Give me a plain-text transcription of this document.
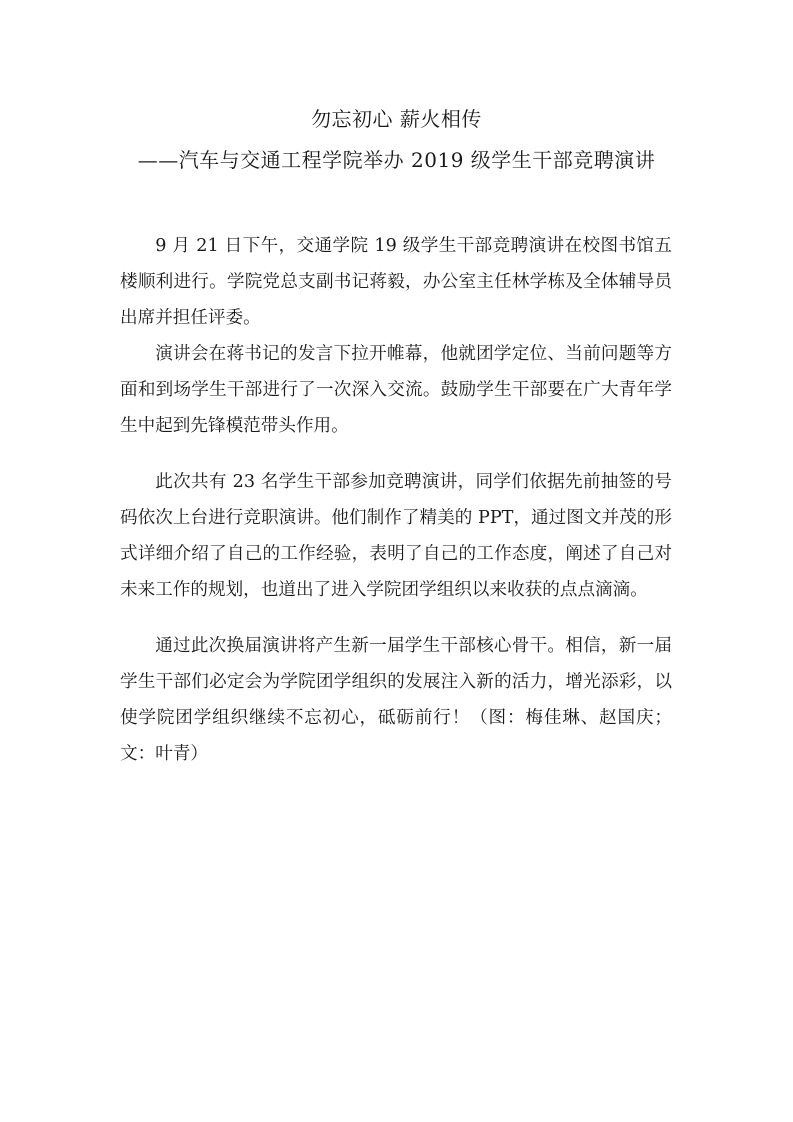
勿忘初心 薪火相传
——汽车与交通工程学院举办 2019 级学生干部竞聘演讲

9 月 21 日下午，交通学院 19 级学生干部竞聘演讲在校图书馆五楼顺利进行。学院党总支副书记蒋毅，办公室主任林学栋及全体辅导员出席并担任评委。

演讲会在蒋书记的发言下拉开帷幕，他就团学定位、当前问题等方面和到场学生干部进行了一次深入交流。鼓励学生干部要在广大青年学生中起到先锋模范带头作用。

此次共有 23 名学生干部参加竞聘演讲，同学们依据先前抽签的号码依次上台进行竞职演讲。他们制作了精美的 PPT，通过图文并茂的形式详细介绍了自己的工作经验，表明了自己的工作态度，阐述了自己对未来工作的规划，也道出了进入学院团学组织以来收获的点点滴滴。

通过此次换届演讲将产生新一届学生干部核心骨干。相信，新一届学生干部们必定会为学院团学组织的发展注入新的活力，增光添彩，以使学院团学组织继续不忘初心，砥砺前行！（图：梅佳琳、赵国庆；文：叶青）
